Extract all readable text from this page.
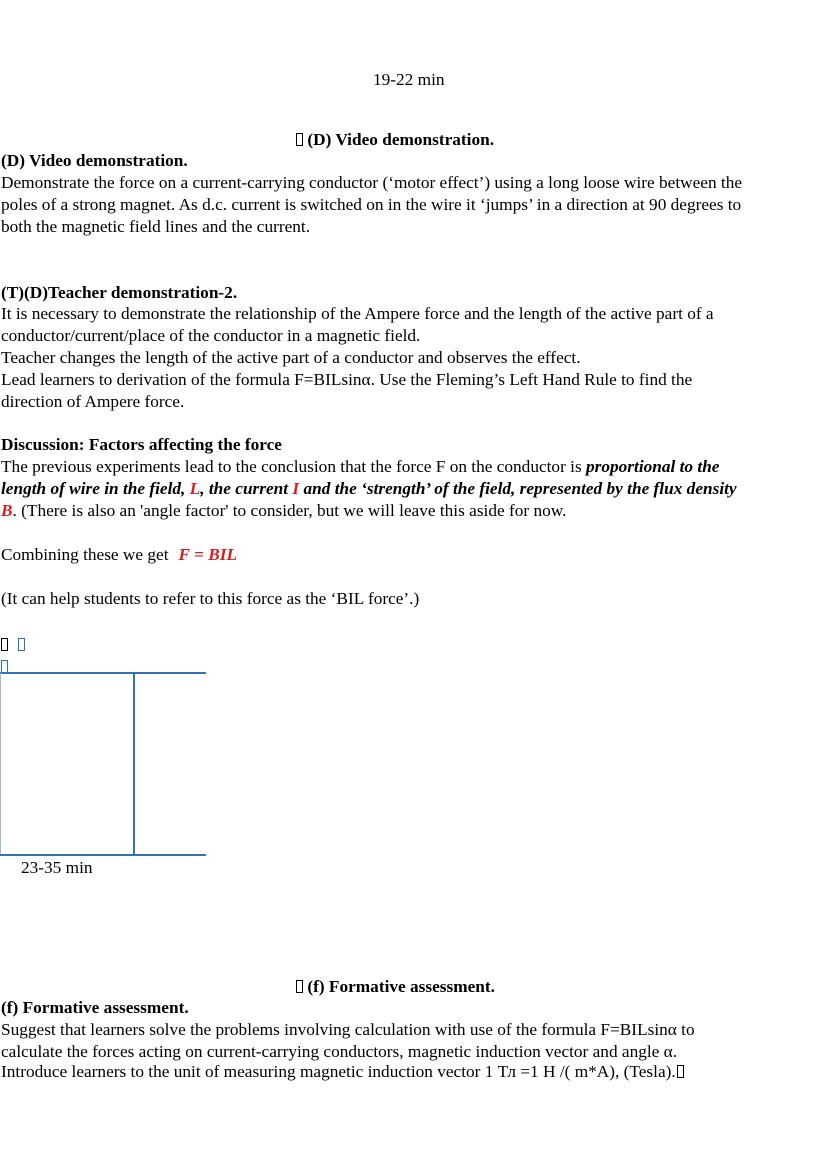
19-22 min
(D) Video demonstration.
(D) Video demonstration.
Demonstrate the force on a current-carrying conductor (‘motor effect’) using a long loose wire between the
poles of a strong magnet. As d.c. current is switched on in the wire it ‘jumps’ in a direction at 90 degrees to
both the magnetic field lines and the current.
(T)(D)Teacher demonstration-2.
It is necessary to demonstrate the relationship of the Ampere force and the length of the active part of a
conductor/current/place of the conductor in a magnetic field.
Teacher changes the length of the active part of a conductor and observes the effect.
Lead learners to derivation of the formula F=BILsinα. Use the Fleming’s Left Hand Rule to find the
direction of Ampere force.
Discussion: Factors affecting the force
The previous experiments lead to the conclusion that the force F on the conductor is proportional to the
length of wire in the field, L, the current I and the ‘strength’ of the field, represented by the flux density
B. (There is also an 'angle factor' to consider, but we will leave this aside for now.
Combining these we get F = BIL
(It can help students to refer to this force as the ‘BIL force’.)

23-35 min
(f) Formative assessment.
(f) Formative assessment.
Suggest that learners solve the problems involving calculation with use of the formula F=BILsinα to
calculate the forces acting on current-carrying conductors, magnetic induction vector and angle α.
Introduce learners to the unit of measuring magnetic induction vector 1 Тл =1 Н /( m*A), (Tesla).
